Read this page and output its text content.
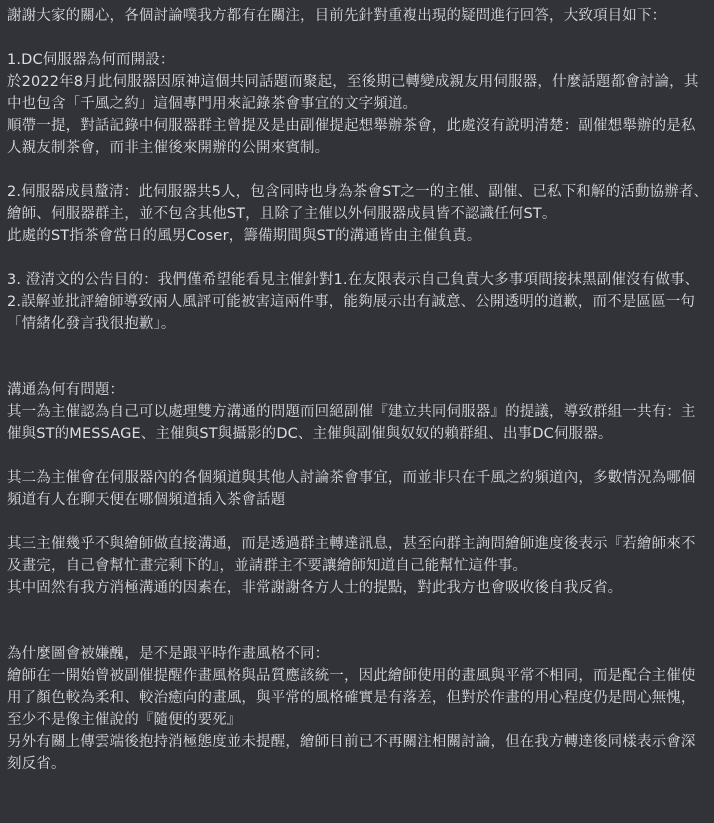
謝謝大家的關心，各個討論噗我方都有在關注，目前先針對重複出現的疑問進行回答，大致項目如下：
1.DC伺服器為何而開設：
於2022年8月此伺服器因原神這個共同話題而聚起，至後期已轉變成親友用伺服器，什麼話題都會討論，其中也包含「千風之約」這個專門用來記錄茶會事宜的文字頻道。
順帶一提，對話記錄中伺服器群主曾提及是由副催提起想舉辦茶會，此處沒有說明清楚：副催想舉辦的是私人親友制茶會，而非主催後來開辦的公開來賓制。
2.伺服器成員釐清：此伺服器共5人，包含同時也身為茶會ST之一的主催、副催、已私下和解的活動協辦者、繪師、伺服器群主，並不包含其他ST，且除了主催以外伺服器成員皆不認識任何ST。
此處的ST指茶會當日的風男Coser，籌備期間與ST的溝通皆由主催負責。
3. 澄清文的公告目的：我們僅希望能看見主催針對1.在友限表示自己負責大多事項間接抹黑副催沒有做事、2.誤解並批評繪師導致兩人風評可能被害這兩件事，能夠展示出有誠意、公開透明的道歉，而不是區區一句「情緒化發言我很抱歉」。
溝通為何有問題：
其一為主催認為自己可以處理雙方溝通的問題而回絕副催『建立共同伺服器』的提議，導致群組一共有：主催與ST的MESSAGE、主催與ST與攝影的DC、主催與副催與奴奴的賴群組、出事DC伺服器。
其二為主催會在伺服器內的各個頻道與其他人討論茶會事宜，而並非只在千風之約頻道內，多數情況為哪個頻道有人在聊天便在哪個頻道插入茶會話題
其三主催幾乎不與繪師做直接溝通，而是透過群主轉達訊息，甚至向群主詢問繪師進度後表示『若繪師來不及畫完，自己會幫忙畫完剩下的』，並請群主不要讓繪師知道自己能幫忙這件事。
其中固然有我方消極溝通的因素在，非常謝謝各方人士的提點，對此我方也會吸收後自我反省。
為什麼圖會被嫌醜，是不是跟平時作畫風格不同：
繪師在一開始曾被副催提醒作畫風格與品質應該統一，因此繪師使用的畫風與平常不相同，而是配合主催使用了顏色較為柔和、較治癒向的畫風，與平常的風格確實是有落差，但對於作畫的用心程度仍是問心無愧，至少不是像主催說的『隨便的要死』
另外有關上傳雲端後抱持消極態度並未提醒，繪師目前已不再關注相關討論，但在我方轉達後同樣表示會深刻反省。
